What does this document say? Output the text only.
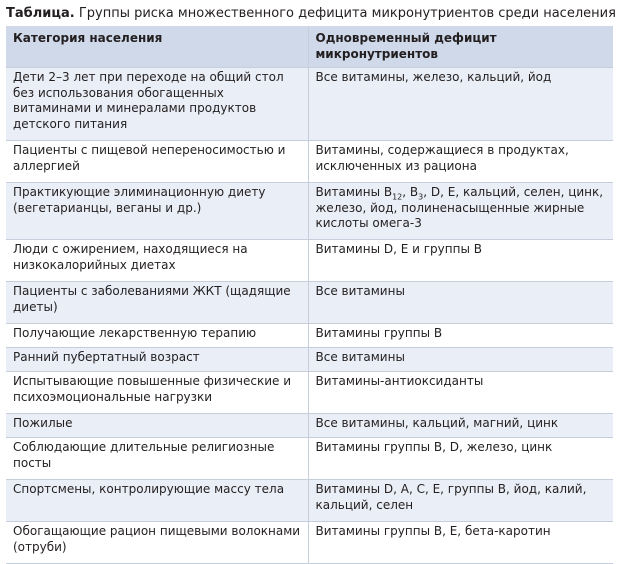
Таблица. Группы риска множественного дефицита микронутриентов среди населения
Категория населения	Одновременный дефицит микронутриентов
Дети 2–3 лет при переходе на общий стол без использования обогащенных витаминами и минералами продуктов детского питания	Все витамины, железо, кальций, йод
Пациенты с пищевой непереносимостью и аллергией	Витамины, содержащиеся в продуктах, исключенных из рациона
Практикующие элиминационную диету (вегетарианцы, веганы и др.)	Витамины $B_{12}$, $B_3$, D, E, кальций, селен, цинк, железо, йод, полиненасыщенные жирные кислоты омега-3
Люди с ожирением, находящиеся на низкокалорийных диетах	Витамины D, E и группы B
Пациенты с заболеваниями ЖКТ (щадящие диеты)	Все витамины
Получающие лекарственную терапию	Витамины группы B
Ранний пубертатный возраст	Все витамины
Испытывающие повышенные физические и психоэмоциональные нагрузки	Витамины-антиоксиданты
Пожилые	Все витамины, кальций, магний, цинк
Соблюдающие длительные религиозные посты	Витамины группы B, D, железо, цинк
Спортсмены, контролирующие массу тела	Витамины D, A, C, E, группы B, йод, калий, кальций, селен
Обогащающие рацион пищевыми волокнами (отруби)	Витамины группы B, E, бета-каротин
